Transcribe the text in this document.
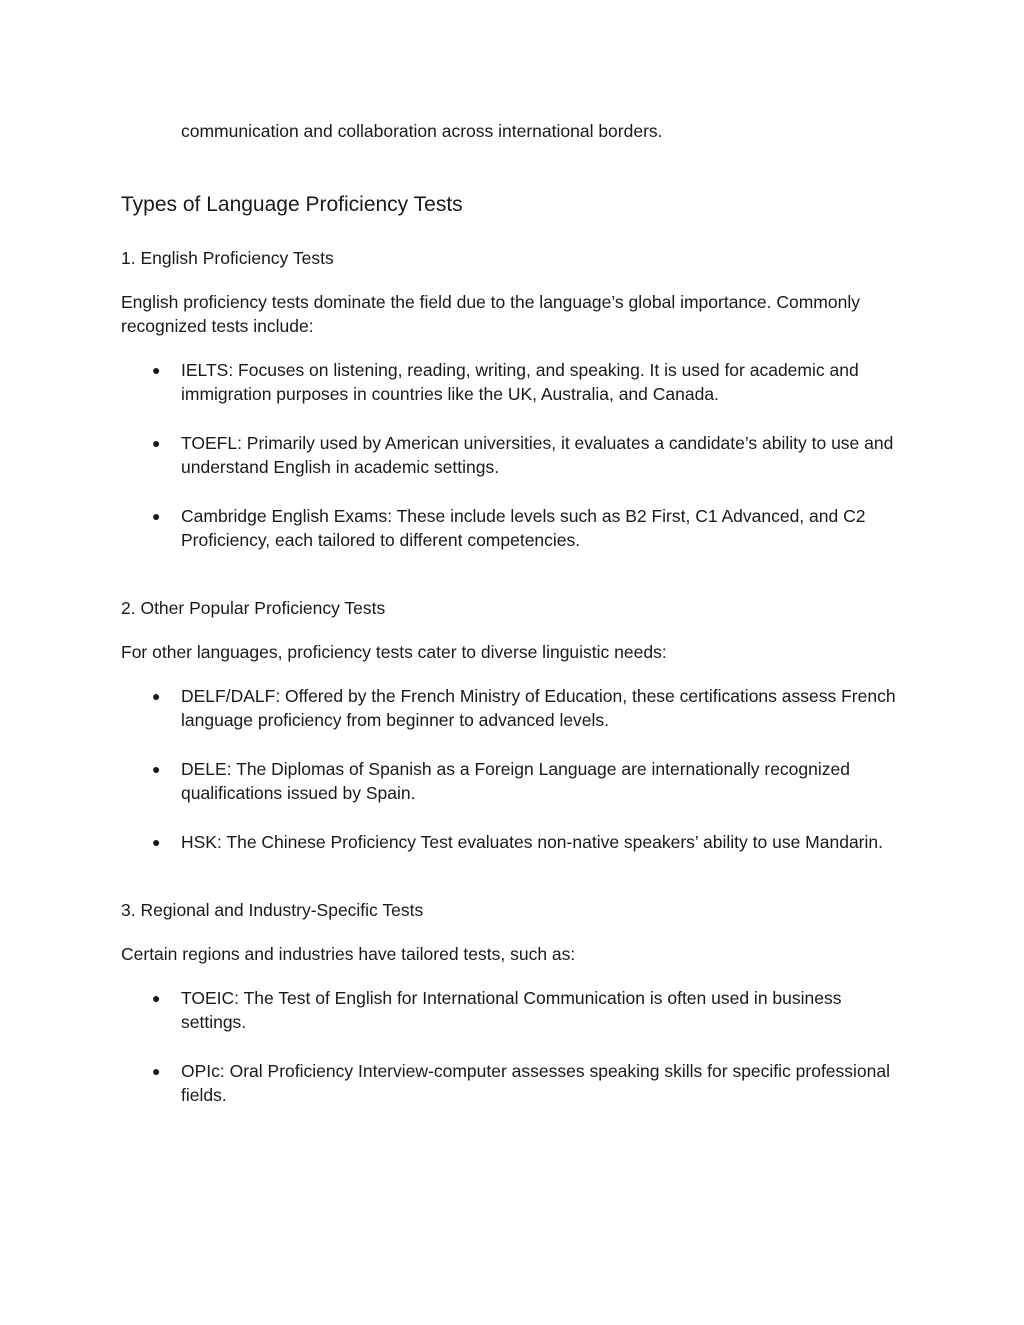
communication and collaboration across international borders.

Types of Language Proficiency Tests
1. English Proficiency Tests

English proficiency tests dominate the field due to the language’s global importance. Commonly recognized tests include:

● IELTS: Focuses on listening, reading, writing, and speaking. It is used for academic and immigration purposes in countries like the UK, Australia, and Canada.
● TOEFL: Primarily used by American universities, it evaluates a candidate’s ability to use and understand English in academic settings.
● Cambridge English Exams: These include levels such as B2 First, C1 Advanced, and C2 Proficiency, each tailored to different competencies.
2. Other Popular Proficiency Tests

For other languages, proficiency tests cater to diverse linguistic needs:

● DELF/DALF: Offered by the French Ministry of Education, these certifications assess French language proficiency from beginner to advanced levels.
● DELE: The Diplomas of Spanish as a Foreign Language are internationally recognized qualifications issued by Spain.
● HSK: The Chinese Proficiency Test evaluates non-native speakers’ ability to use Mandarin.
3. Regional and Industry-Specific Tests

Certain regions and industries have tailored tests, such as:

● TOEIC: The Test of English for International Communication is often used in business settings.
● OPIc: Oral Proficiency Interview-computer assesses speaking skills for specific professional fields.
